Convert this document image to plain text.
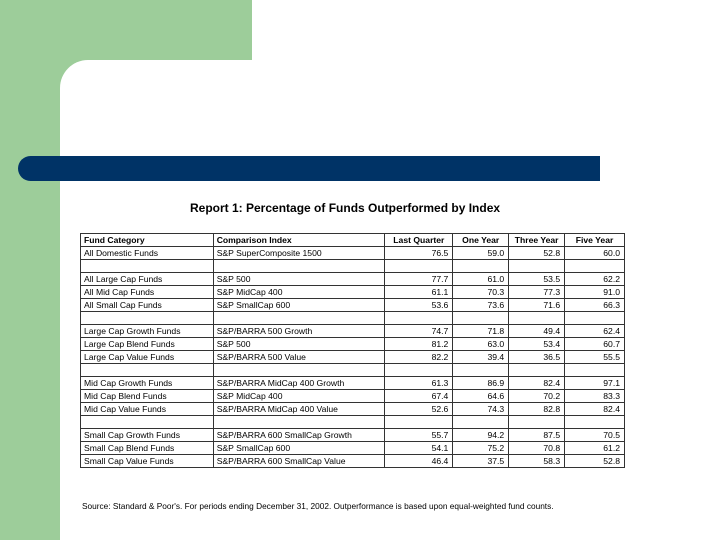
Report 1: Percentage of Funds Outperformed by Index
Fund Category	Comparison Index	Last Quarter	One Year	Three Year	Five Year
All Domestic Funds	S&P SuperComposite 1500	76.5	59.0	52.8	60.0

All Large Cap Funds	S&P 500	77.7	61.0	53.5	62.2
All Mid Cap Funds	S&P MidCap 400	61.1	70.3	77.3	91.0
All Small Cap Funds	S&P SmallCap 600	53.6	73.6	71.6	66.3

Large Cap Growth Funds	S&P/BARRA 500 Growth	74.7	71.8	49.4	62.4
Large Cap Blend Funds	S&P 500	81.2	63.0	53.4	60.7
Large Cap Value Funds	S&P/BARRA 500 Value	82.2	39.4	36.5	55.5

Mid Cap Growth Funds	S&P/BARRA MidCap 400 Growth	61.3	86.9	82.4	97.1
Mid Cap Blend Funds	S&P MidCap 400	67.4	64.6	70.2	83.3
Mid Cap Value Funds	S&P/BARRA MidCap 400 Value	52.6	74.3	82.8	82.4

Small Cap Growth Funds	S&P/BARRA 600 SmallCap Growth	55.7	94.2	87.5	70.5
Small Cap Blend Funds	S&P SmallCap 600	54.1	75.2	70.8	61.2
Small Cap Value Funds	S&P/BARRA 600 SmallCap Value	46.4	37.5	58.3	52.8
Source: Standard & Poor's. For periods ending December 31, 2002. Outperformance is based upon equal-weighted fund counts.
